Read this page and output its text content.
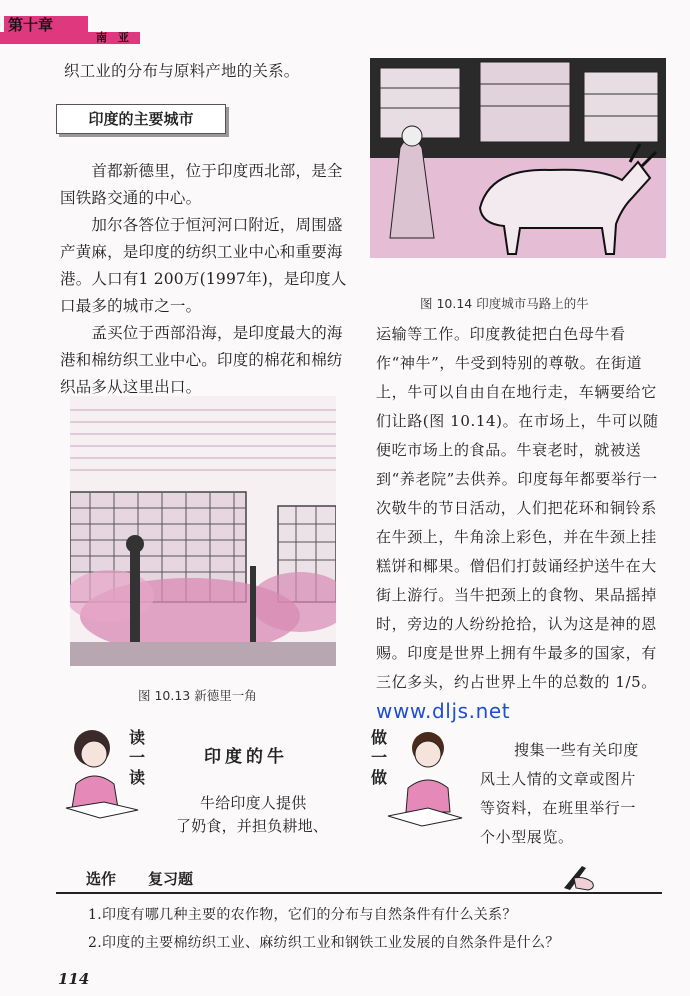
第十章
南　亚

织工业的分布与原料产地的关系。

印度的主要城市

　　首都新德里，位于印度西北部，是全国铁路交通的中心。

　　加尔各答位于恒河河口附近，周围盛产黄麻，是印度的纺织工业中心和重要海港。人口有1 200万(1997年)，是印度人口最多的城市之一。

　　孟买位于西部沿海，是印度最大的海港和棉纺织工业中心。印度的棉花和棉纺织品多从这里出口。

图 10.13 新德里一角
图 10.14 印度城市马路上的牛
运输等工作。印度教徒把白色母牛看作“神牛”，牛受到特别的尊敬。在街道上，牛可以自由自在地行走，车辆要给它们让路(图 10.14)。在市场上，牛可以随便吃市场上的食品。牛衰老时，就被送到“养老院”去供养。印度每年都要举行一次敬牛的节日活动，人们把花环和铜铃系在牛颈上，牛角涂上彩色，并在牛颈上挂糕饼和椰果。僧侣们打鼓诵经护送牛在大街上游行。当牛把颈上的食物、果品摇掉时，旁边的人纷纷抢拾，认为这是神的恩赐。印度是世界上拥有牛最多的国家，有三亿多头，约占世界上牛的总数的 1/5。www.dljs.net
读
一
读
印度的牛
牛给印度人提供
了奶食，并担负耕地、
做
一
做
搜集一些有关印度
风土人情的文章或图片
等资料，在班里举行一
个小型展览。
选作 复习题
1.印度有哪几种主要的农作物，它们的分布与自然条件有什么关系？
2.印度的主要棉纺织工业、麻纺织工业和钢铁工业发展的自然条件是什么？
114
